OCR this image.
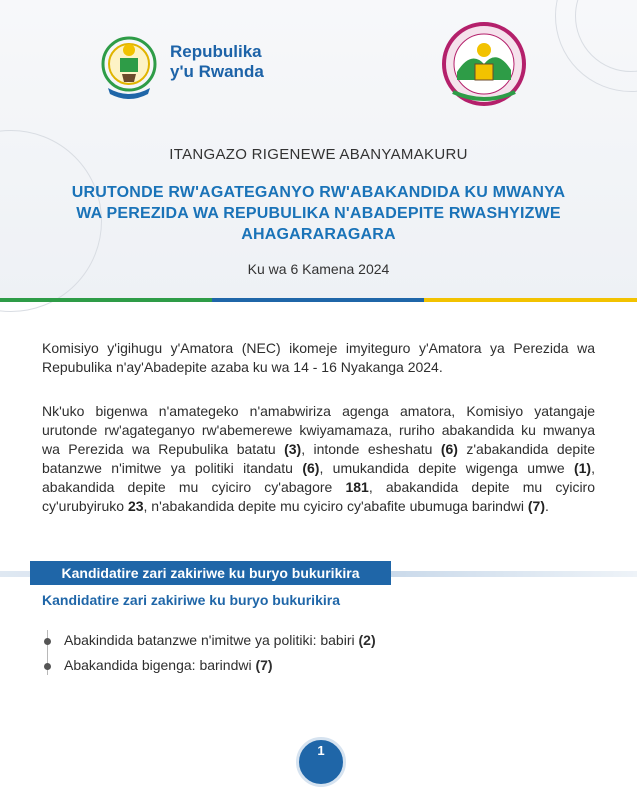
Repubulika
y'u Rwanda
ITANGAZO RIGENEWE ABANYAMAKURU
URUTONDE RW'AGATEGANYO RW'ABAKANDIDA KU MWANYA WA PEREZIDA WA REPUBULIKA N'ABADEPITE RWASHYIZWE AHAGARARAGARA
Ku wa 6 Kamena 2024
Komisiyo y'igihugu y'Amatora (NEC) ikomeje imyiteguro y'Amatora ya Perezida wa Repubulika n'ay'Abadepite azaba ku wa 14 - 16 Nyakanga 2024.
Nk'uko bigenwa n'amategeko n'amabwiriza agenga amatora, Komisiyo yatangaje urutonde rw'agateganyo rw'abemerewe kwiyamamaza, ruriho abakandida ku mwanya wa Perezida wa Repubulika batatu (3), intonde esheshatu (6) z'abakandida depite batanzwe n'imitwe ya politiki itandatu (6), umukandida depite wigenga umwe (1), abakandida depite mu cyiciro cy'abagore 181, abakandida depite mu cyiciro cy'urubyiruko 23, n'abakandida depite mu cyiciro cy'abafite ubumuga barindwi (7).
Kandidatire zari zakiriwe ku buryo bukurikira
Kandidatire zari zakiriwe ku buryo bukurikira
Abakindida batanzwe n'imitwe ya politiki: babiri (2)
Abakandida bigenga: barindwi (7)
1
